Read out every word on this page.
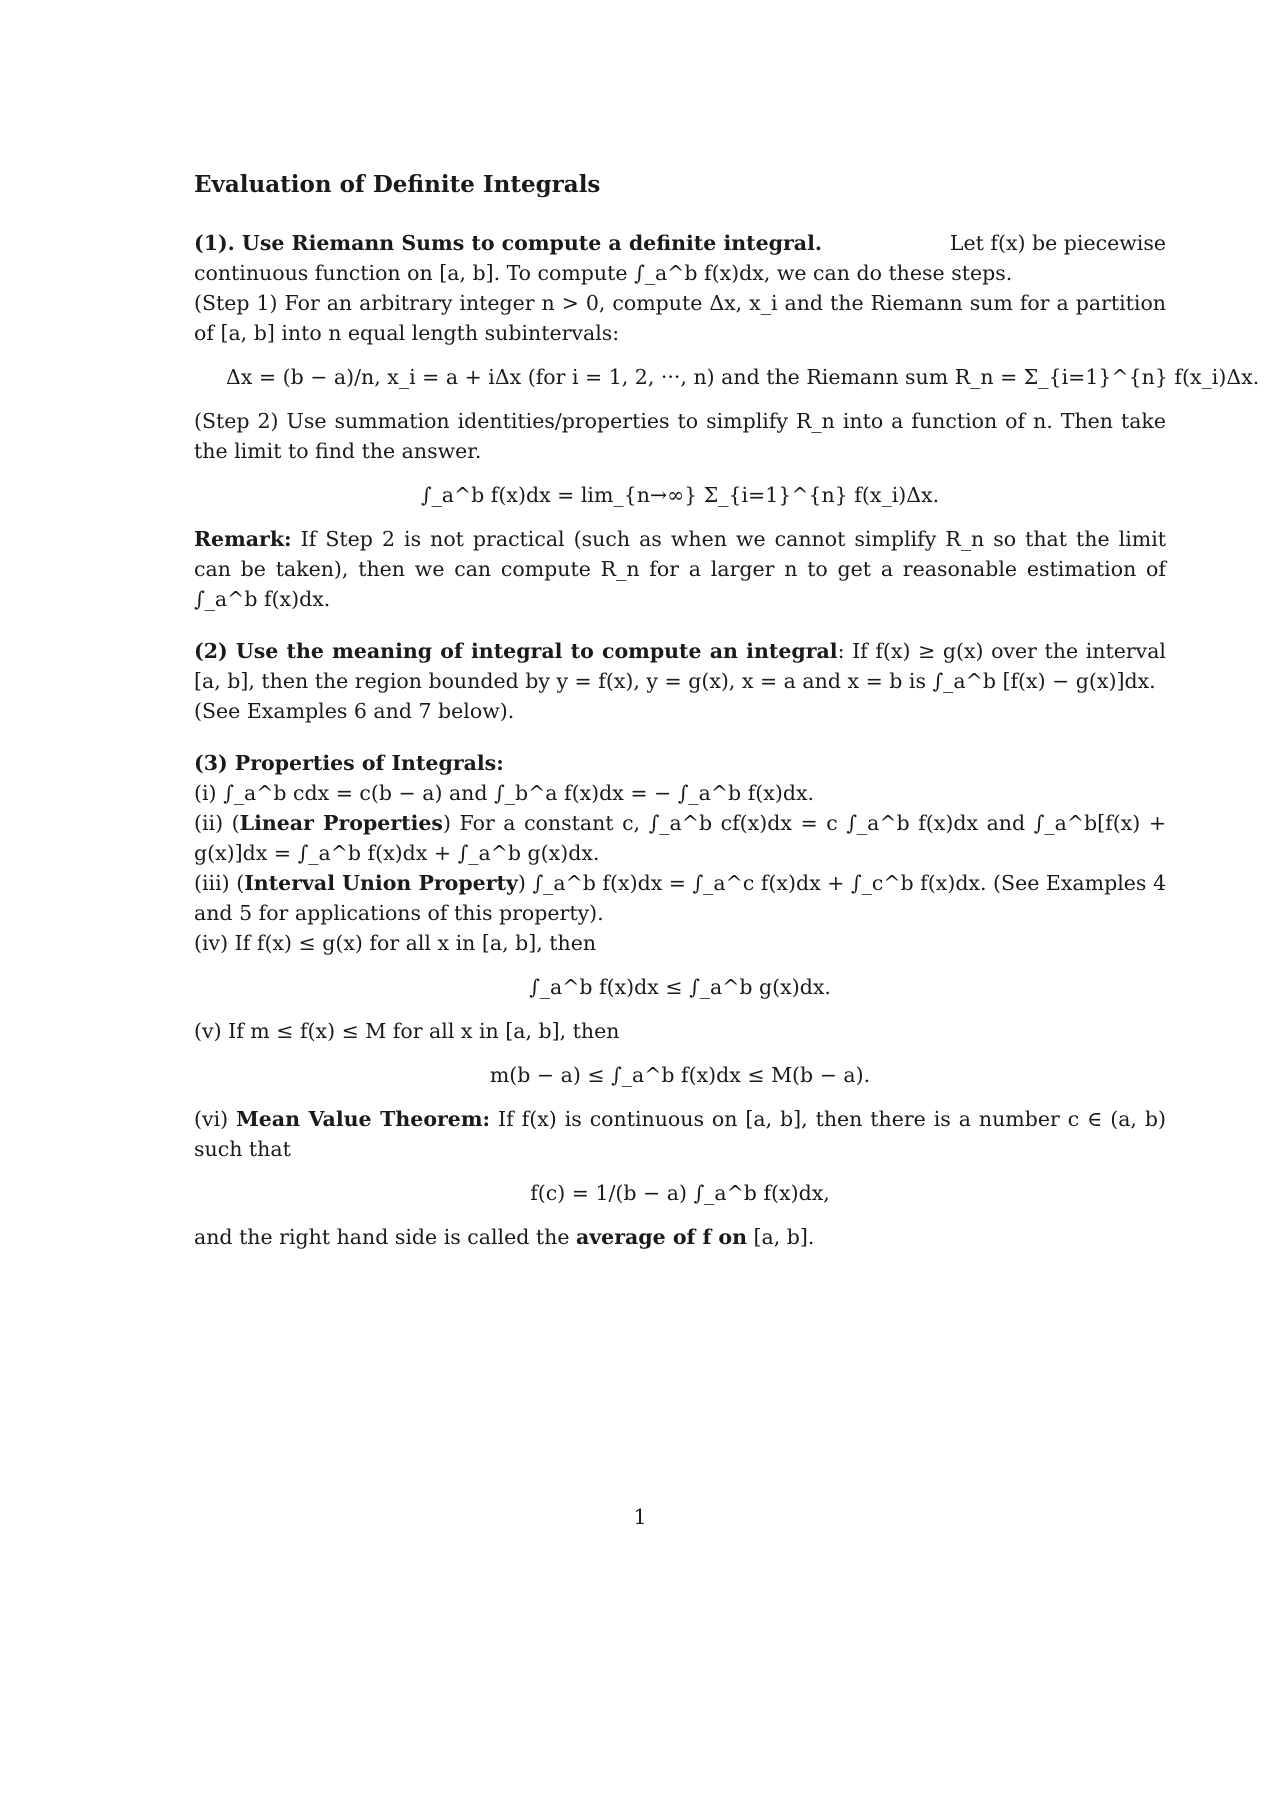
Evaluation of Definite Integrals

(1). Use Riemann Sums to compute a definite integral.	Let f(x) be piecewise

continuous function on [a, b]. To compute ∫_a^b f(x)dx, we can do these steps.

(Step 1) For an arbitrary integer n > 0, compute Δx, x_i and the Riemann sum for a partition of [a, b] into n equal length subintervals:

Δx = (b − a)/n, x_i = a + iΔx (for i = 1, 2, ···, n) and the Riemann sum R_n = Σ_{i=1}^{n} f(x_i)Δx.

(Step 2) Use summation identities/properties to simplify R_n into a function of n. Then take the limit to find the answer.

∫_a^b f(x)dx = lim_{n→∞} Σ_{i=1}^{n} f(x_i)Δx.

Remark: If Step 2 is not practical (such as when we cannot simplify R_n so that the limit can be taken), then we can compute R_n for a larger n to get a reasonable estimation of ∫_a^b f(x)dx.

(2) Use the meaning of integral to compute an integral: If f(x) ≥ g(x) over the interval [a, b], then the region bounded by y = f(x), y = g(x), x = a and x = b is ∫_a^b [f(x) − g(x)]dx.

(See Examples 6 and 7 below).

(3) Properties of Integrals:

(i) ∫_a^b cdx = c(b − a) and ∫_b^a f(x)dx = − ∫_a^b f(x)dx.

(ii) (Linear Properties) For a constant c, ∫_a^b cf(x)dx = c ∫_a^b f(x)dx and ∫_a^b[f(x) + g(x)]dx = ∫_a^b f(x)dx + ∫_a^b g(x)dx.

(iii) (Interval Union Property) ∫_a^b f(x)dx = ∫_a^c f(x)dx + ∫_c^b f(x)dx. (See Examples 4 and 5 for applications of this property).

(iv) If f(x) ≤ g(x) for all x in [a, b], then

∫_a^b f(x)dx ≤ ∫_a^b g(x)dx.

(v) If m ≤ f(x) ≤ M for all x in [a, b], then

m(b − a) ≤ ∫_a^b f(x)dx ≤ M(b − a).

(vi) Mean Value Theorem: If f(x) is continuous on [a, b], then there is a number c ∈ (a, b) such that

f(c) = 1/(b − a) ∫_a^b f(x)dx,

and the right hand side is called the average of f on [a, b].

1
